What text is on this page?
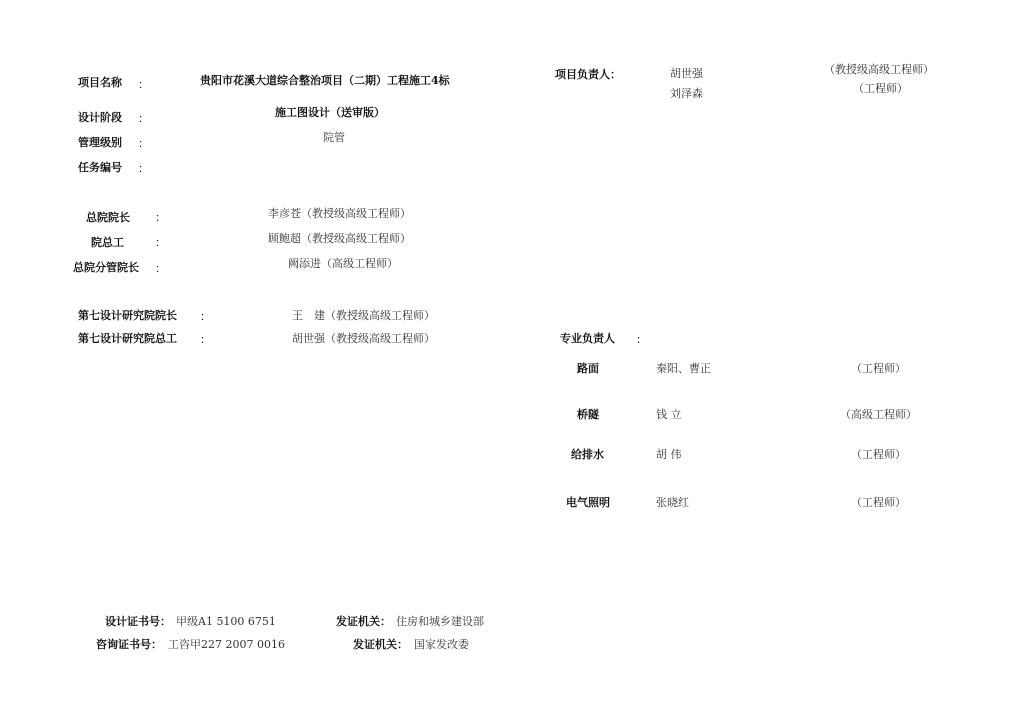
项目名称 ：	贵阳市花溪大道综合整治项目（二期）工程施工4标
设计阶段 ：	施工图设计（送审版）
管理级别 ：	院管
任务编号 ：
总院院长 ：	李彦苍（教授级高级工程师）
院总工	：	顾鲍超（教授级高级工程师）
总院分管院长 ：	阙添进（高级工程师）
第七设计研究院院长 ：	王　建（教授级高级工程师）
第七设计研究院总工 ：	胡世强（教授级高级工程师）
项目负责人：	胡世强	（教授级高级工程师）
刘泽森	（工程师）
专业负责人 ：
路面	秦阳、曹正	（工程师）
桥隧	钱 立	（高级工程师）
给排水	胡 伟	（工程师）
电气照明	张晓红	（工程师）
设计证书号： 甲级A1 5100 6751	发证机关： 住房和城乡建设部
咨询证书号： 工咨甲227 2007 0016	发证机关： 国家发改委
